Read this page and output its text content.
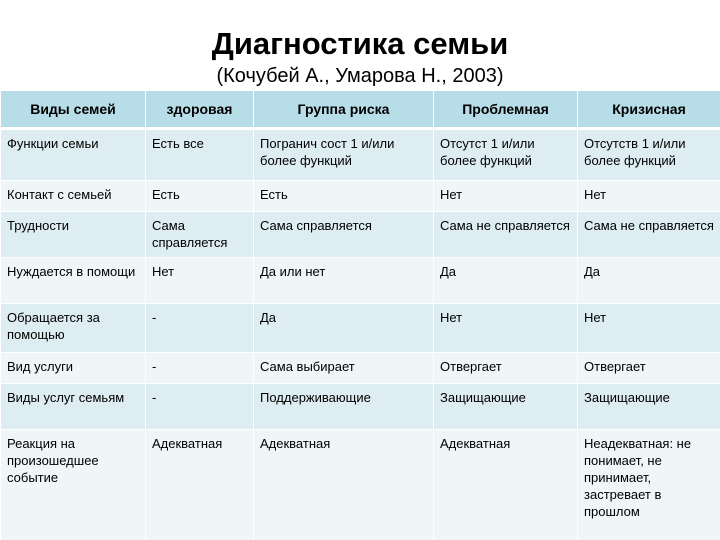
Диагностика семьи
(Кочубей А., Умарова Н., 2003)
Виды семей	здоровая	Группа риска	Проблемная	Кризисная
Функции семьи	Есть все	Погранич сост 1 и/или более функций	Отсутст 1 и/или более функций	Отсутств 1 и/или более функций
Контакт с семьей	Есть	Есть	Нет	Нет
Трудности	Сама справляется	Сама справляется	Сама не справляется	Сама не справляется
Нуждается в помощи	Нет	Да или нет	Да	Да
Обращается за помощью	-	Да	Нет	Нет
Вид услуги	-	Сама выбирает	Отвергает	Отвергает
Виды услуг семьям	-	Поддерживающие	Защищающие	Защищающие
Реакция на произошедшее событие	Адекватная	Адекватная	Адекватная	Неадекватная: не понимает, не принимает, застревает в прошлом
